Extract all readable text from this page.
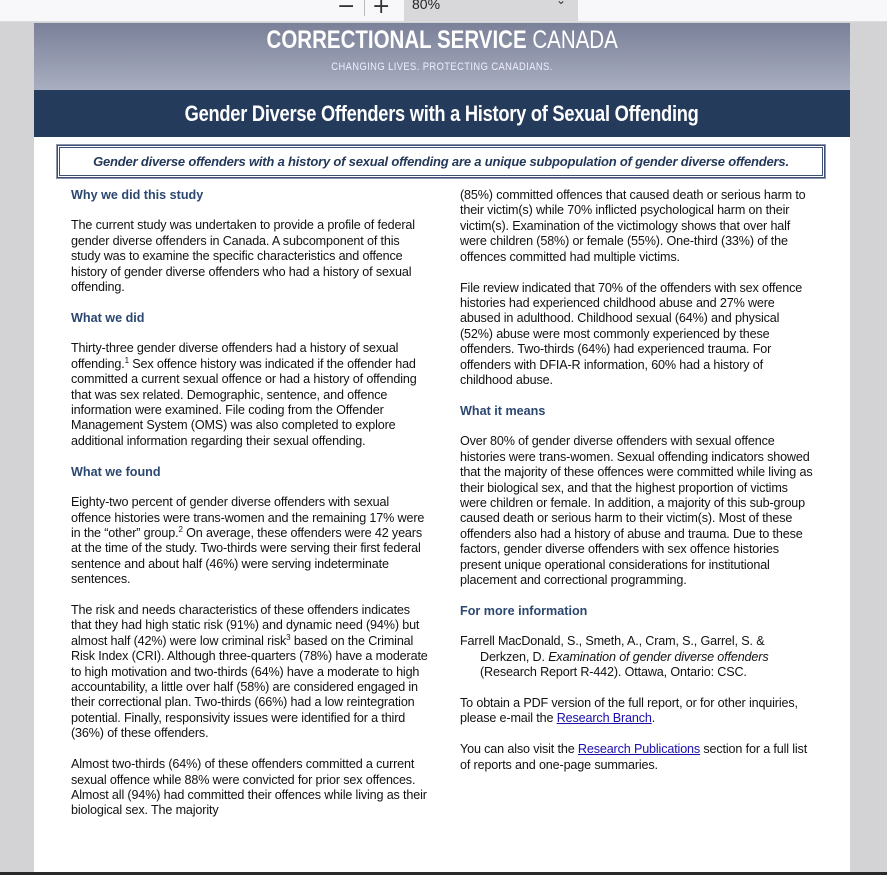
− +	80%	⌄
CORRECTIONAL SERVICE CANADA
CHANGING LIVES. PROTECTING CANADIANS.
Gender Diverse Offenders with a History of Sexual Offending
Gender diverse offenders with a history of sexual offending are a unique subpopulation of gender diverse offenders.
Why we did this study
The current study was undertaken to provide a profile of federal gender diverse offenders in Canada. A subcomponent of this study was to examine the specific characteristics and offence history of gender diverse offenders who had a history of sexual offending.
What we did
Thirty-three gender diverse offenders had a history of sexual offending.$^1$ Sex offence history was indicated if the offender had committed a current sexual offence or had a history of offending that was sex related. Demographic, sentence, and offence information were examined. File coding from the Offender Management System (OMS) was also completed to explore additional information regarding their sexual offending.
What we found
Eighty-two percent of gender diverse offenders with sexual offence histories were trans-women and the remaining 17% were in the “other” group.$^2$ On average, these offenders were 42 years at the time of the study. Two-thirds were serving their first federal sentence and about half (46%) were serving indeterminate sentences.
The risk and needs characteristics of these offenders indicates that they had high static risk (91%) and dynamic need (94%) but almost half (42%) were low criminal risk$^3$ based on the Criminal Risk Index (CRI). Although three-quarters (78%) have a moderate to high motivation and two-thirds (64%) have a moderate to high accountability, a little over half (58%) are considered engaged in their correctional plan. Two-thirds (66%) had a low reintegration potential. Finally, responsivity issues were identified for a third (36%) of these offenders.
Almost two-thirds (64%) of these offenders committed a current sexual offence while 88% were convicted for prior sex offences. Almost all (94%) had committed their offences while living as their biological sex. The majority
(85%) committed offences that caused death or serious harm to their victim(s) while 70% inflicted psychological harm on their victim(s). Examination of the victimology shows that over half were children (58%) or female (55%). One-third (33%) of the offences committed had multiple victims.
File review indicated that 70% of the offenders with sex offence histories had experienced childhood abuse and 27% were abused in adulthood. Childhood sexual (64%) and physical (52%) abuse were most commonly experienced by these offenders. Two-thirds (64%) had experienced trauma. For offenders with DFIA-R information, 60% had a history of childhood abuse.
What it means
Over 80% of gender diverse offenders with sexual offence histories were trans-women. Sexual offending indicators showed that the majority of these offences were committed while living as their biological sex, and that the highest proportion of victims were children or female. In addition, a majority of this sub-group caused death or serious harm to their victim(s). Most of these offenders also had a history of abuse and trauma. Due to these factors, gender diverse offenders with sex offence histories present unique operational considerations for institutional placement and correctional programming.
For more information
Farrell MacDonald, S., Smeth, A., Cram, S., Garrel, S. & Derkzen, D. Examination of gender diverse offenders (Research Report R-442). Ottawa, Ontario: CSC.
To obtain a PDF version of the full report, or for other inquiries, please e-mail the Research Branch.
You can also visit the Research Publications section for a full list of reports and one-page summaries.
